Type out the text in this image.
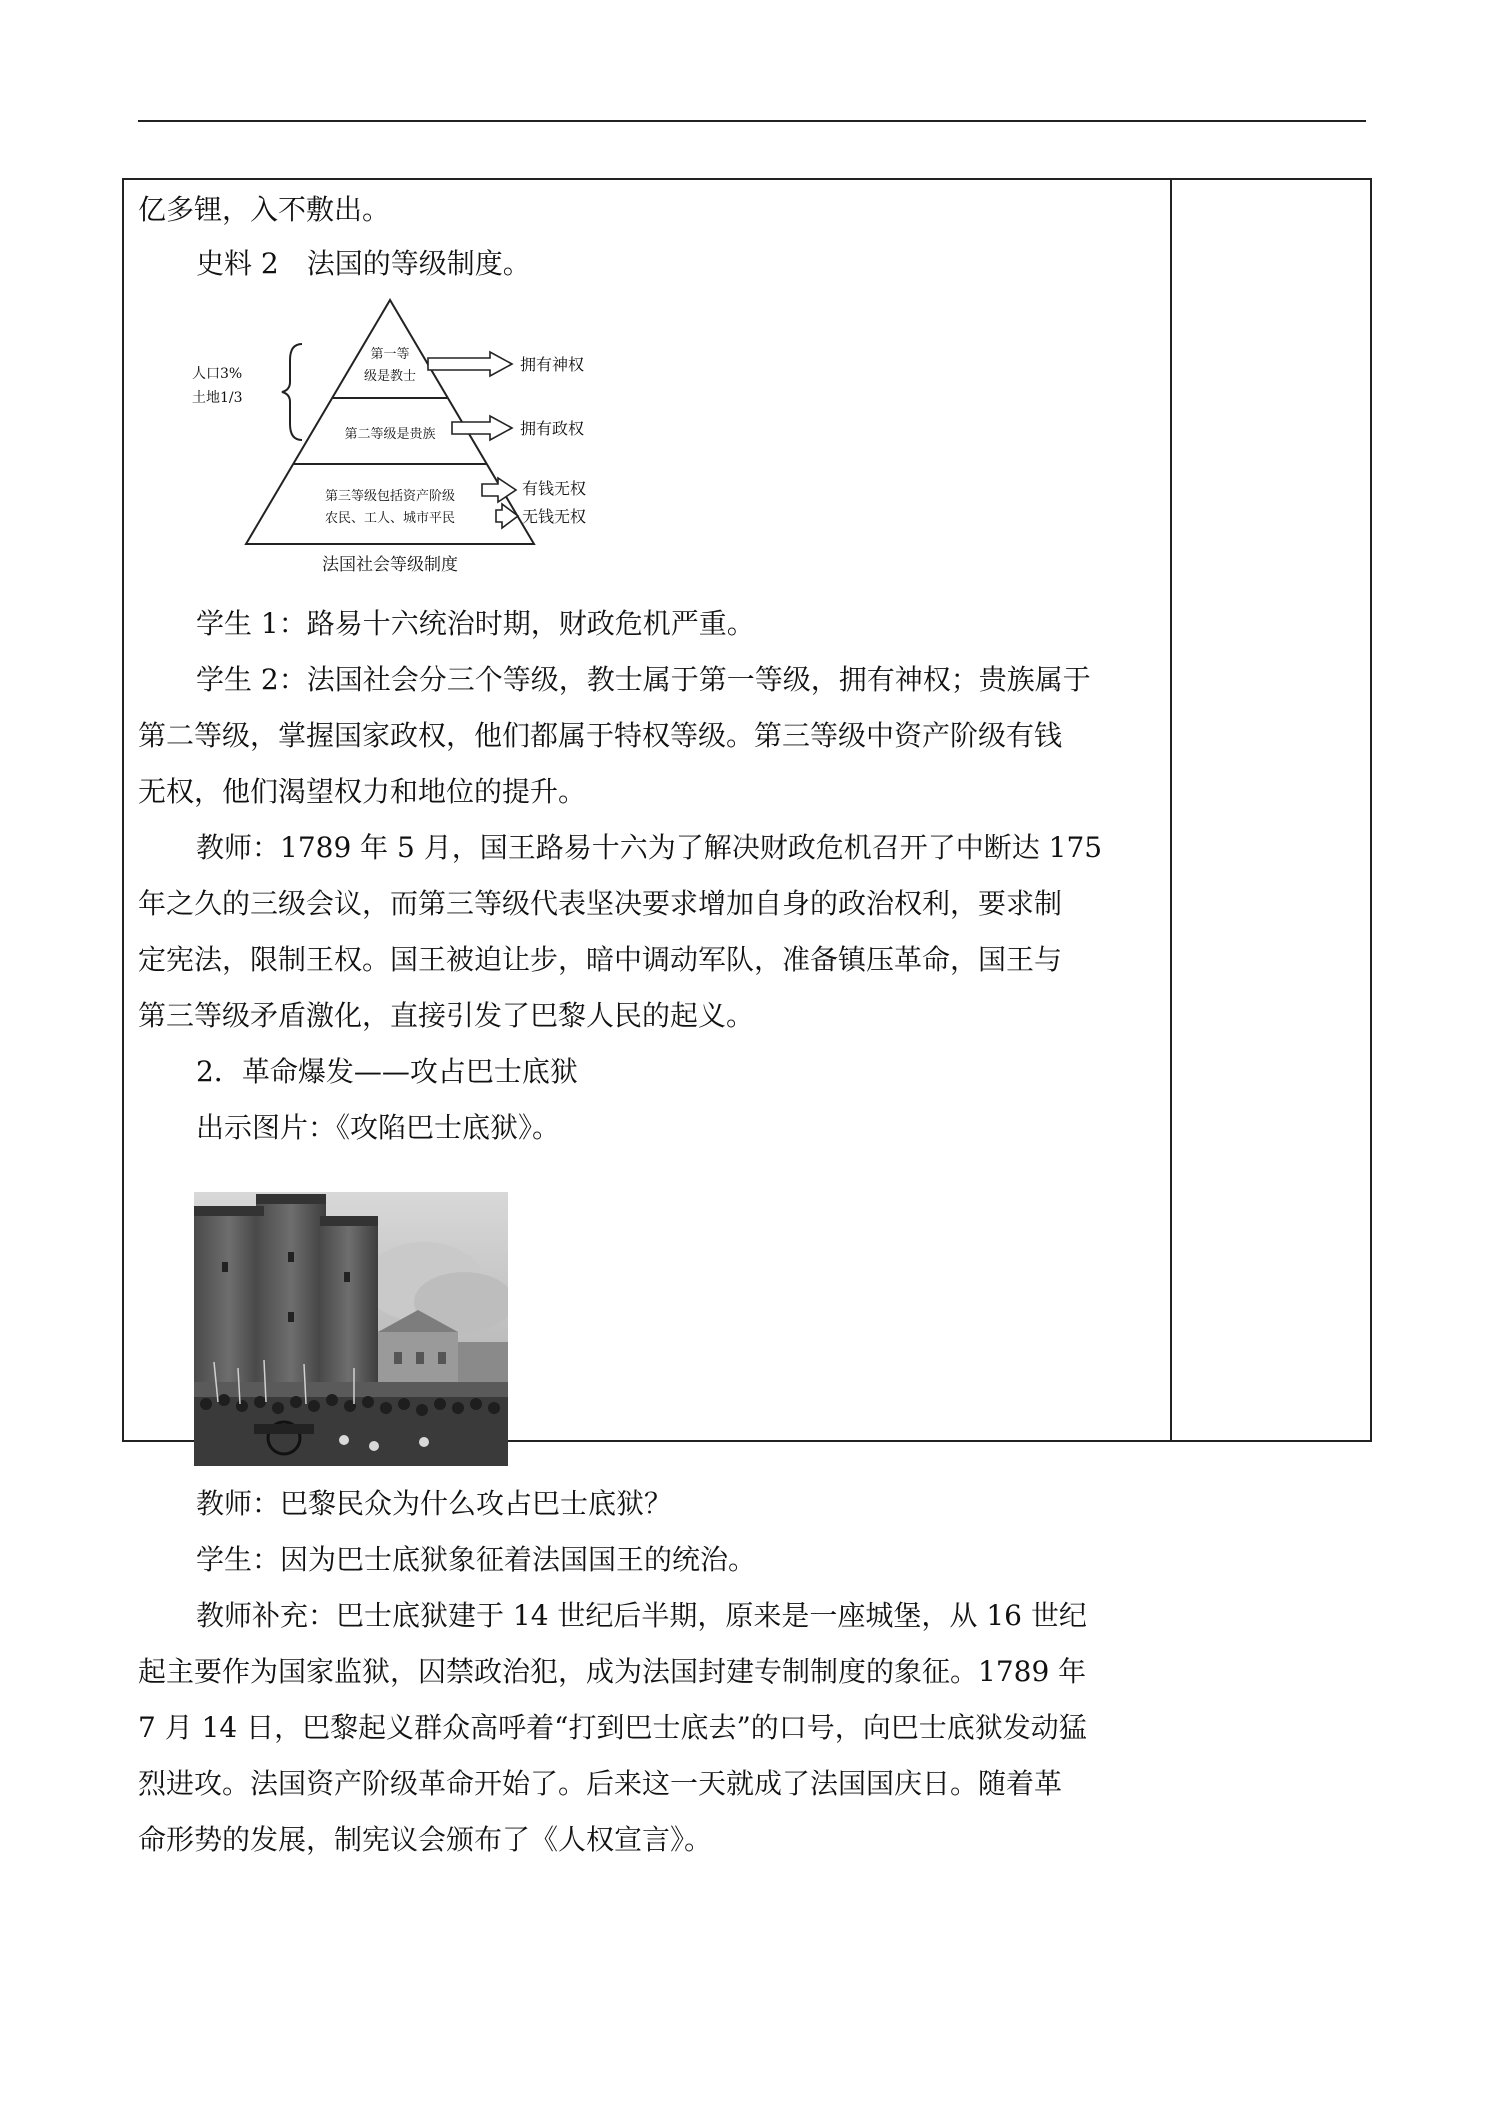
亿多锂，入不敷出。
史料 2　法国的等级制度。
学生 1：路易十六统治时期，财政危机严重。
学生 2：法国社会分三个等级，教士属于第一等级，拥有神权；贵族属于
第二等级，掌握国家政权，他们都属于特权等级。第三等级中资产阶级有钱
无权，他们渴望权力和地位的提升。
教师：1789 年 5 月，国王路易十六为了解决财政危机召开了中断达 175
年之久的三级会议，而第三等级代表坚决要求增加自身的政治权利，要求制
定宪法，限制王权。国王被迫让步，暗中调动军队，准备镇压革命，国王与
第三等级矛盾激化，直接引发了巴黎人民的起义。
2．革命爆发——攻占巴士底狱
出示图片：《攻陷巴士底狱》。
教师：巴黎民众为什么攻占巴士底狱？
学生：因为巴士底狱象征着法国国王的统治。
教师补充：巴士底狱建于 14 世纪后半期，原来是一座城堡，从 16 世纪
起主要作为国家监狱，囚禁政治犯，成为法国封建专制制度的象征。1789 年
7 月 14 日，巴黎起义群众高呼着“打到巴士底去”的口号，向巴士底狱发动猛
烈进攻。法国资产阶级革命开始了。后来这一天就成了法国国庆日。随着革
命形势的发展，制宪议会颁布了《人权宣言》。
第一等
级是教士
第二等级是贵族
第三等级包括资产阶级
农民、工人、城市平民
人口3%
土地1/3
拥有神权
拥有政权
有钱无权
无钱无权
法国社会等级制度
